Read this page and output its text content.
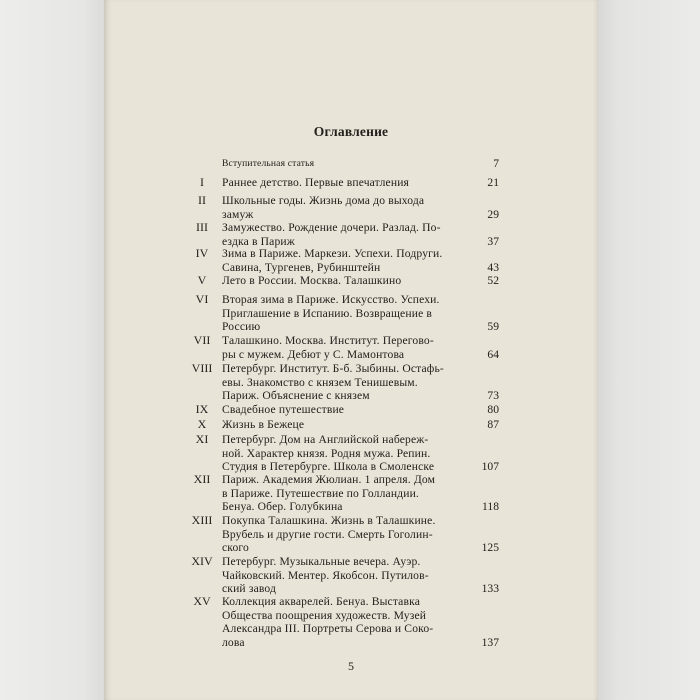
Оглавление
Вступительная статья	7
I	Раннее детство. Первые впечатления	21
II	Школьные годы. Жизнь дома до выхода
замуж	29
III	Замужество. Рождение дочери. Разлад. По-
ездка в Париж	37
IV	Зима в Париже. Маркези. Успехи. Подруги.
Савина, Тургенев, Рубинштейн	43
V	Лето в России. Москва. Талашкино	52
VI	Вторая зима в Париже. Искусство. Успехи.
Приглашение в Испанию. Возвращение в
Россию	59
VII	Талашкино. Москва. Институт. Перегово-
ры с мужем. Дебют у С. Мамонтова	64
VIII Петербург. Институт. Б-б. Зыбины. Остафь-
евы. Знакомство с князем Тенишевым.
Париж. Объяснение с князем	73
IX	Свадебное путешествие	80
X	Жизнь в Бежеце	87
XI	Петербург. Дом на Английской набереж-
ной. Характер князя. Родня мужа. Репин.
Студия в Петербурге. Школа в Смоленске	107
XII	Париж. Академия Жюлиан. 1 апреля. Дом
в Париже. Путешествие по Голландии.
Бенуа. Обер. Голубкина	118
XIII Покупка Талашкина. Жизнь в Талашкине.
Врубель и другие гости. Смерть Гоголин-
ского	125
XIV Петербург. Музыкальные вечера. Ауэр.
Чайковский. Ментер. Якобсон. Путилов-
ский завод	133
XV Коллекция акварелей. Бенуа. Выставка
Общества поощрения художеств. Музей
Александра III. Портреты Серова и Соко-
лова	137
5
